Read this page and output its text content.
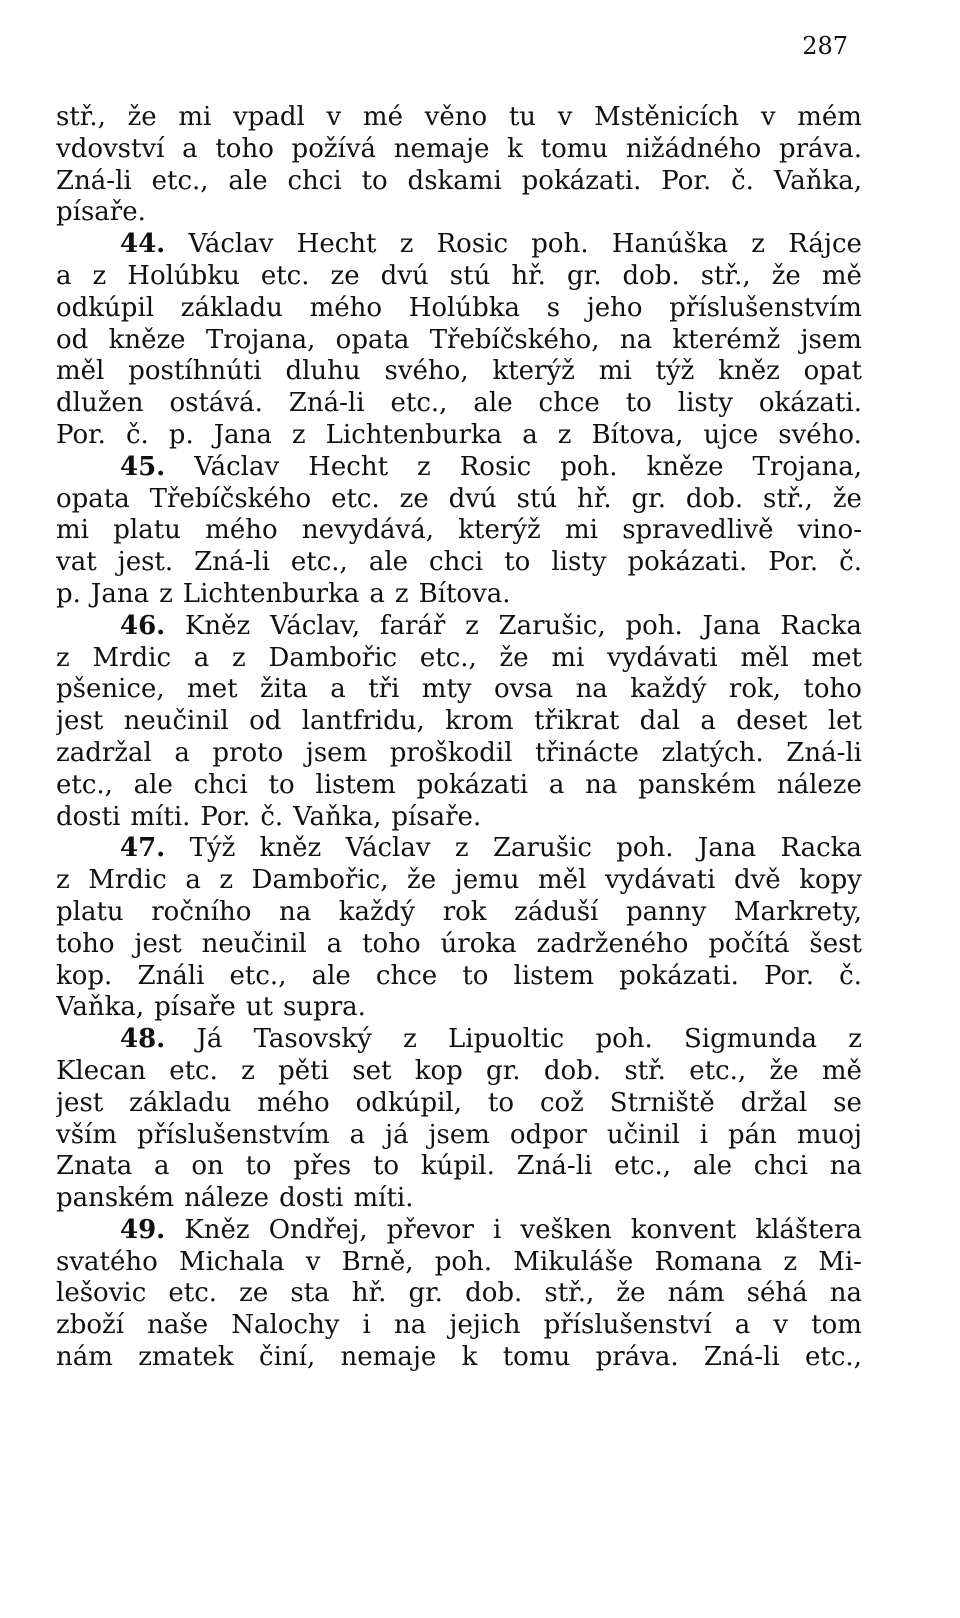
287
stř., že mi vpadl v mé věno tu v Mstěnicích v mém
vdovství a toho požívá nemaje k tomu nižádného práva.
Zná-li etc., ale chci to dskami pokázati. Por. č. Vaňka,
písaře.
44. Václav Hecht z Rosic poh. Hanúška z Rájce
a z Holúbku etc. ze dvú stú hř. gr. dob. stř., že mě
odkúpil základu mého Holúbka s jeho příslušenstvím
od kněze Trojana, opata Třebíčského, na kterémž jsem
měl postíhnúti dluhu svého, kterýž mi týž kněz opat
dlužen ostává. Zná-li etc., ale chce to listy okázati.
Por. č. p. Jana z Lichtenburka a z Bítova, ujce svého.
45. Václav Hecht z Rosic poh. kněze Trojana,
opata Třebíčského etc. ze dvú stú hř. gr. dob. stř., že
mi platu mého nevydává, kterýž mi spravedlivě vino-
vat jest. Zná-li etc., ale chci to listy pokázati. Por. č.
p. Jana z Lichtenburka a z Bítova.
46. Kněz Václav, farář z Zarušic, poh. Jana Racka
z Mrdic a z Dambořic etc., že mi vydávati měl met
pšenice, met žita a tři mty ovsa na každý rok, toho
jest neučinil od lantfridu, krom třikrat dal a deset let
zadržal a proto jsem proškodil třinácte zlatých. Zná-li
etc., ale chci to listem pokázati a na panském náleze
dosti míti. Por. č. Vaňka, písaře.
47. Týž kněz Václav z Zarušic poh. Jana Racka
z Mrdic a z Dambořic, že jemu měl vydávati dvě kopy
platu ročního na každý rok záduší panny Markrety,
toho jest neučinil a toho úroka zadrženého počítá šest
kop. Ználi etc., ale chce to listem pokázati. Por. č.
Vaňka, písaře ut supra.
48. Já Tasovský z Lipuoltic poh. Sigmunda z
Klecan etc. z pěti set kop gr. dob. stř. etc., že mě
jest základu mého odkúpil, to což Strniště držal se
vším příslušenstvím a já jsem odpor učinil i pán muoj
Znata a on to přes to kúpil. Zná-li etc., ale chci na
panském náleze dosti míti.
49. Kněz Ondřej, převor i vešken konvent kláštera
svatého Michala v Brně, poh. Mikuláše Romana z Mi-
lešovic etc. ze sta hř. gr. dob. stř., že nám séhá na
zboží naše Nalochy i na jejich příslušenství a v tom
nám zmatek činí, nemaje k tomu práva. Zná-li etc.,
